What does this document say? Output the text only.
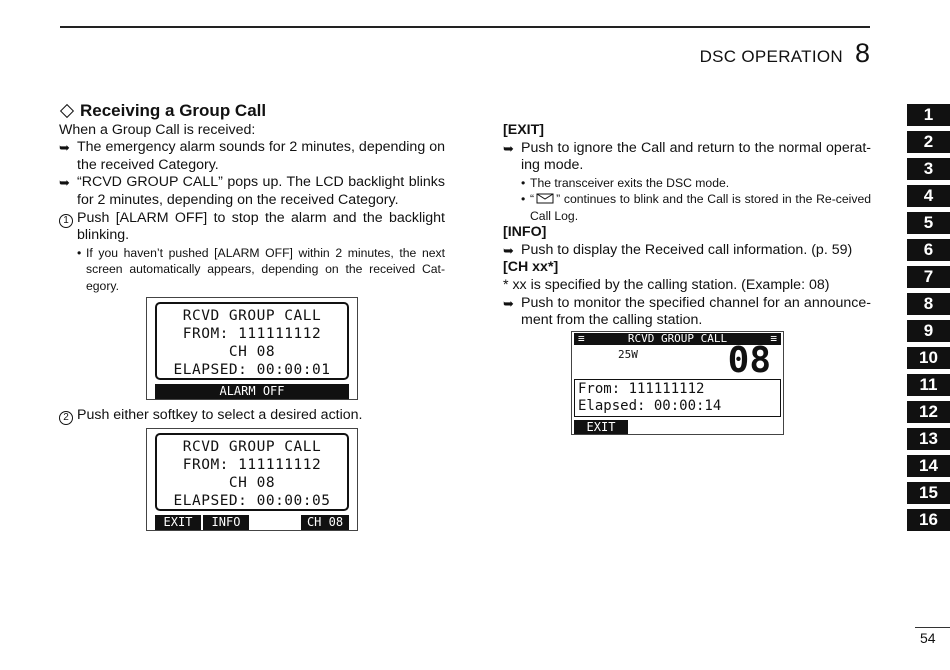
DSC OPERATION 8
Receiving a Group Call
When a Group Call is received:
➥ The emergency alarm sounds for 2 minutes, depending on the received Category.
➥ “RCVD GROUP CALL” pops up. The LCD backlight blinks for 2 minutes, depending on the received Category.
1 Push [ALARM OFF] to stop the alarm and the backlight blinking.
• If you haven’t pushed [ALARM OFF] within 2 minutes, the next screen automatically appears, depending on the received Cat-egory.
RCVD GROUP CALL
FROM: 111111112
CH 08
ELAPSED: 00:00:01
ALARM OFF
2 Push either softkey to select a desired action.
RCVD GROUP CALL
FROM: 111111112
CH 08
ELAPSED: 00:00:05
EXIT	INFO	CH 08
[EXIT]
➥ Push to ignore the Call and return to the normal operat-ing mode.
• The transceiver exits the DSC mode.
• “ ” continues to blink and the Call is stored in the Re-ceived Call Log.
[INFO]
➥ Push to display the Received call information. (p. 59)
[CH xx*]
* xx is specified by the calling station. (Example: 08)
➥ Push to monitor the specified channel for an announce-ment from the calling station.
≡	RCVD GROUP CALL	≡
25W 08
From: 111111112
Elapsed: 00:00:14
EXIT
1
2
3
4
5
6
7
8
9
10
11
12
13
14
15
16
54
